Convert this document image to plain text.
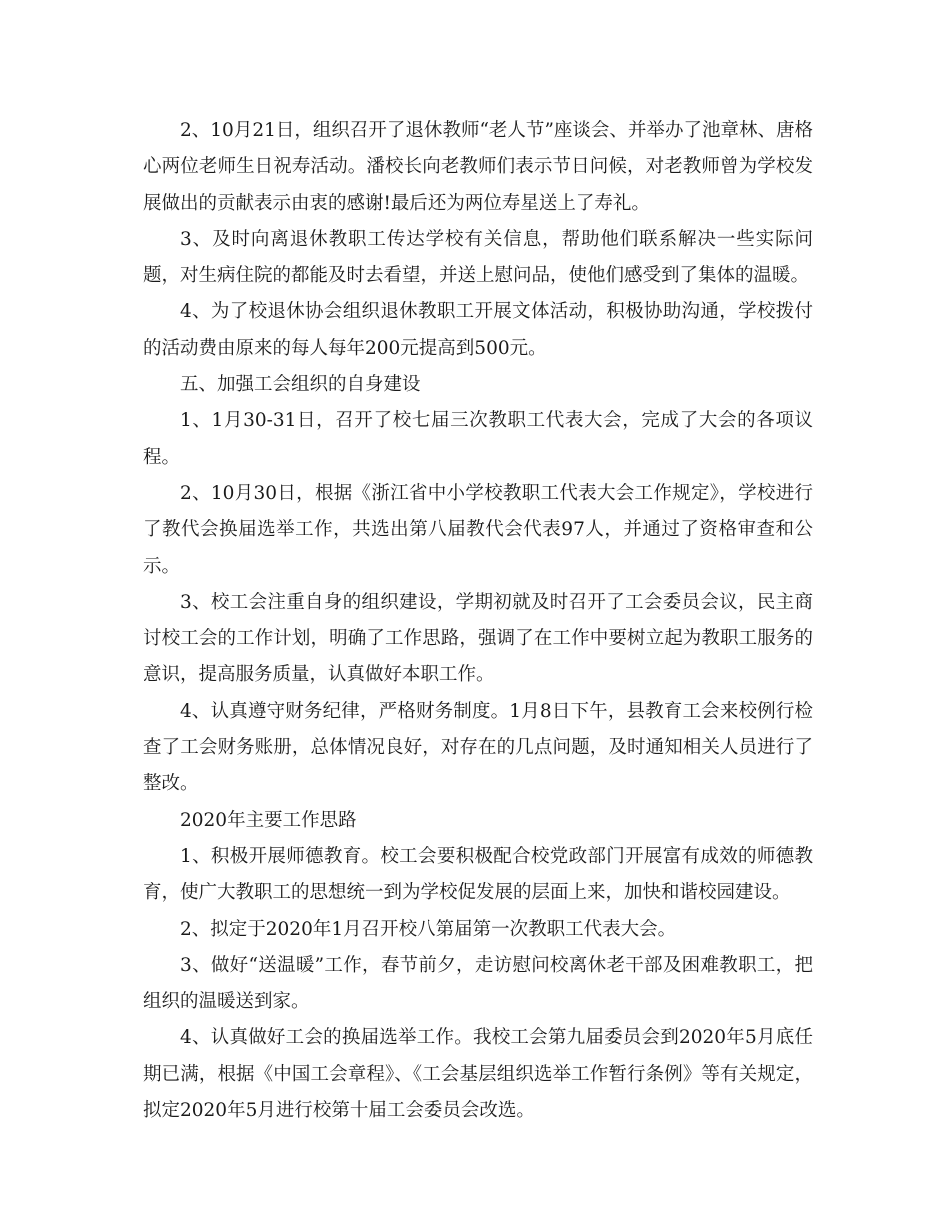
2、10月21日，组织召开了退休教师“老人节”座谈会、并举办了池章林、唐格心两位老师生日祝寿活动。潘校长向老教师们表示节日问候，对老教师曾为学校发展做出的贡献表示由衷的感谢!最后还为两位寿星送上了寿礼。

3、及时向离退休教职工传达学校有关信息，帮助他们联系解决一些实际问题，对生病住院的都能及时去看望，并送上慰问品，使他们感受到了集体的温暖。

4、为了校退休协会组织退休教职工开展文体活动，积极协助沟通，学校拨付的活动费由原来的每人每年200元提高到500元。

五、加强工会组织的自身建设

1、1月30-31日，召开了校七届三次教职工代表大会，完成了大会的各项议程。

2、10月30日，根据《浙江省中小学校教职工代表大会工作规定》，学校进行了教代会换届选举工作，共选出第八届教代会代表97人，并通过了资格审查和公示。

3、校工会注重自身的组织建设，学期初就及时召开了工会委员会议，民主商讨校工会的工作计划，明确了工作思路，强调了在工作中要树立起为教职工服务的意识，提高服务质量，认真做好本职工作。

4、认真遵守财务纪律，严格财务制度。1月8日下午，县教育工会来校例行检查了工会财务账册，总体情况良好，对存在的几点问题，及时通知相关人员进行了整改。

2020年主要工作思路

1、积极开展师德教育。校工会要积极配合校党政部门开展富有成效的师德教育，使广大教职工的思想统一到为学校促发展的层面上来，加快和谐校园建设。

2、拟定于2020年1月召开校八第届第一次教职工代表大会。

3、做好“送温暖”工作，春节前夕，走访慰问校离休老干部及困难教职工，把组织的温暖送到家。

4、认真做好工会的换届选举工作。我校工会第九届委员会到2020年5月底任期已满，根据《中国工会章程》、《工会基层组织选举工作暂行条例》等有关规定，拟定2020年5月进行校第十届工会委员会改选。
